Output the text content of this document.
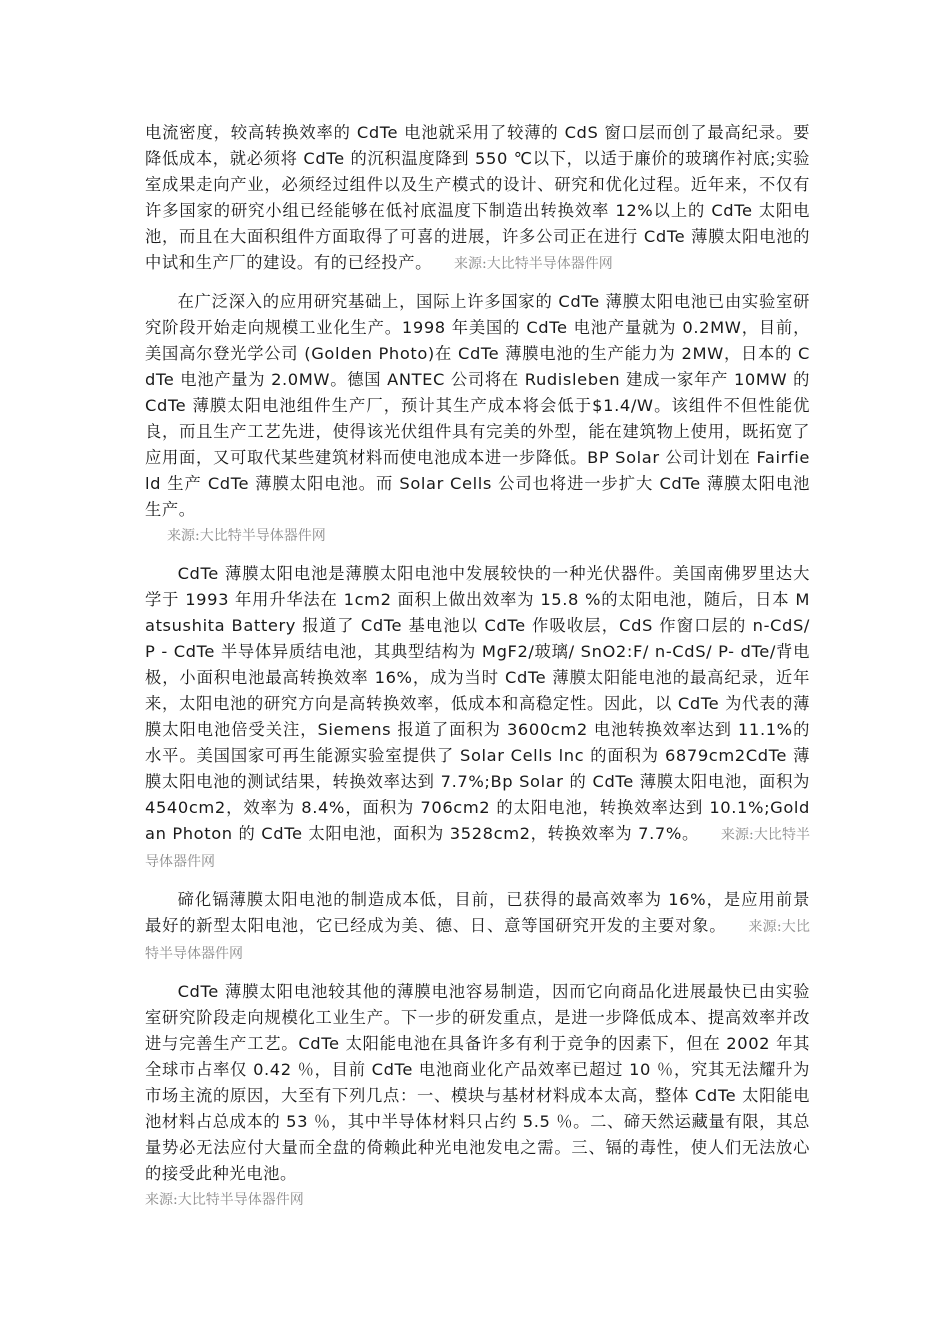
电流密度，较高转换效率的 CdTe 电池就采用了较薄的 CdS 窗口层而创了最高纪录。要降低成本，就必须将 CdTe 的沉积温度降到 550 ℃以下，以适于廉价的玻璃作衬底;实验室成果走向产业，必须经过组件以及生产模式的设计、研究和优化过程。近年来，不仅有许多国家的研究小组已经能够在低衬底温度下制造出转换效率 12%以上的 CdTe 太阳电池，而且在大面积组件方面取得了可喜的进展，许多公司正在进行 CdTe 薄膜太阳电池的中试和生产厂的建设。有的已经投产。 来源:大比特半导体器件网

在广泛深入的应用研究基础上，国际上许多国家的 CdTe 薄膜太阳电池已由实验室研究阶段开始走向规模工业化生产。1998 年美国的 CdTe 电池产量就为 0.2MW，目前，美国高尔登光学公司 (Golden Photo)在 CdTe 薄膜电池的生产能力为 2MW，日本的 CdTe 电池产量为 2.0MW。德国 ANTEC 公司将在 Rudisleben 建成一家年产 10MW 的 CdTe 薄膜太阳电池组件生产厂，预计其生产成本将会低于$1.4/W。该组件不但性能优良，而且生产工艺先进，使得该光伏组件具有完美的外型，能在建筑物上使用，既拓宽了应用面，又可取代某些建筑材料而使电池成本进一步降低。BP Solar 公司计划在 Fairfield 生产 CdTe 薄膜太阳电池。而 Solar Cells 公司也将进一步扩大 CdTe 薄膜太阳电池生产。
来源:大比特半导体器件网

CdTe 薄膜太阳电池是薄膜太阳电池中发展较快的一种光伏器件。美国南佛罗里达大学于 1993 年用升华法在 1cm2 面积上做出效率为 15.8 %的太阳电池，随后，日本 Matsushita Battery 报道了 CdTe 基电池以 CdTe 作吸收层，CdS 作窗口层的 n-CdS/ P - CdTe 半导体异质结电池，其典型结构为 MgF2/玻璃/ SnO2:F/ n-CdS/ P- dTe/背电极，小面积电池最高转换效率 16%，成为当时 CdTe 薄膜太阳能电池的最高纪录，近年来，太阳电池的研究方向是高转换效率，低成本和高稳定性。因此，以 CdTe 为代表的薄膜太阳电池倍受关注，Siemens 报道了面积为 3600cm2 电池转换效率达到 11.1%的水平。美国国家可再生能源实验室提供了 Solar Cells lnc 的面积为 6879cm2CdTe 薄膜太阳电池的测试结果，转换效率达到 7.7%;Bp Solar 的 CdTe 薄膜太阳电池，面积为 4540cm2，效率为 8.4%，面积为 706cm2 的太阳电池，转换效率达到 10.1%;Goldan Photon 的 CdTe 太阳电池，面积为 3528cm2，转换效率为 7.7%。 来源:大比特半导体器件网

碲化镉薄膜太阳电池的制造成本低，目前，已获得的最高效率为 16%，是应用前景最好的新型太阳电池，它已经成为美、德、日、意等国研究开发的主要对象。 来源:大比特半导体器件网

CdTe 薄膜太阳电池较其他的薄膜电池容易制造，因而它向商品化进展最快已由实验室研究阶段走向规模化工业生产。下一步的研发重点，是进一步降低成本、提高效率并改进与完善生产工艺。CdTe 太阳能电池在具备许多有利于竞争的因素下，但在 2002 年其全球市占率仅 0.42 ％，目前 CdTe 电池商业化产品效率已超过 10 ％，究其无法耀升为市场主流的原因，大至有下列几点：一、模块与基材材料成本太高，整体 CdTe 太阳能电池材料占总成本的 53 ％，其中半导体材料只占约 5.5 ％。二、碲天然运藏量有限，其总量势必无法应付大量而全盘的倚赖此种光电池发电之需。三、镉的毒性，使人们无法放心的接受此种光电池。
来源:大比特半导体器件网
